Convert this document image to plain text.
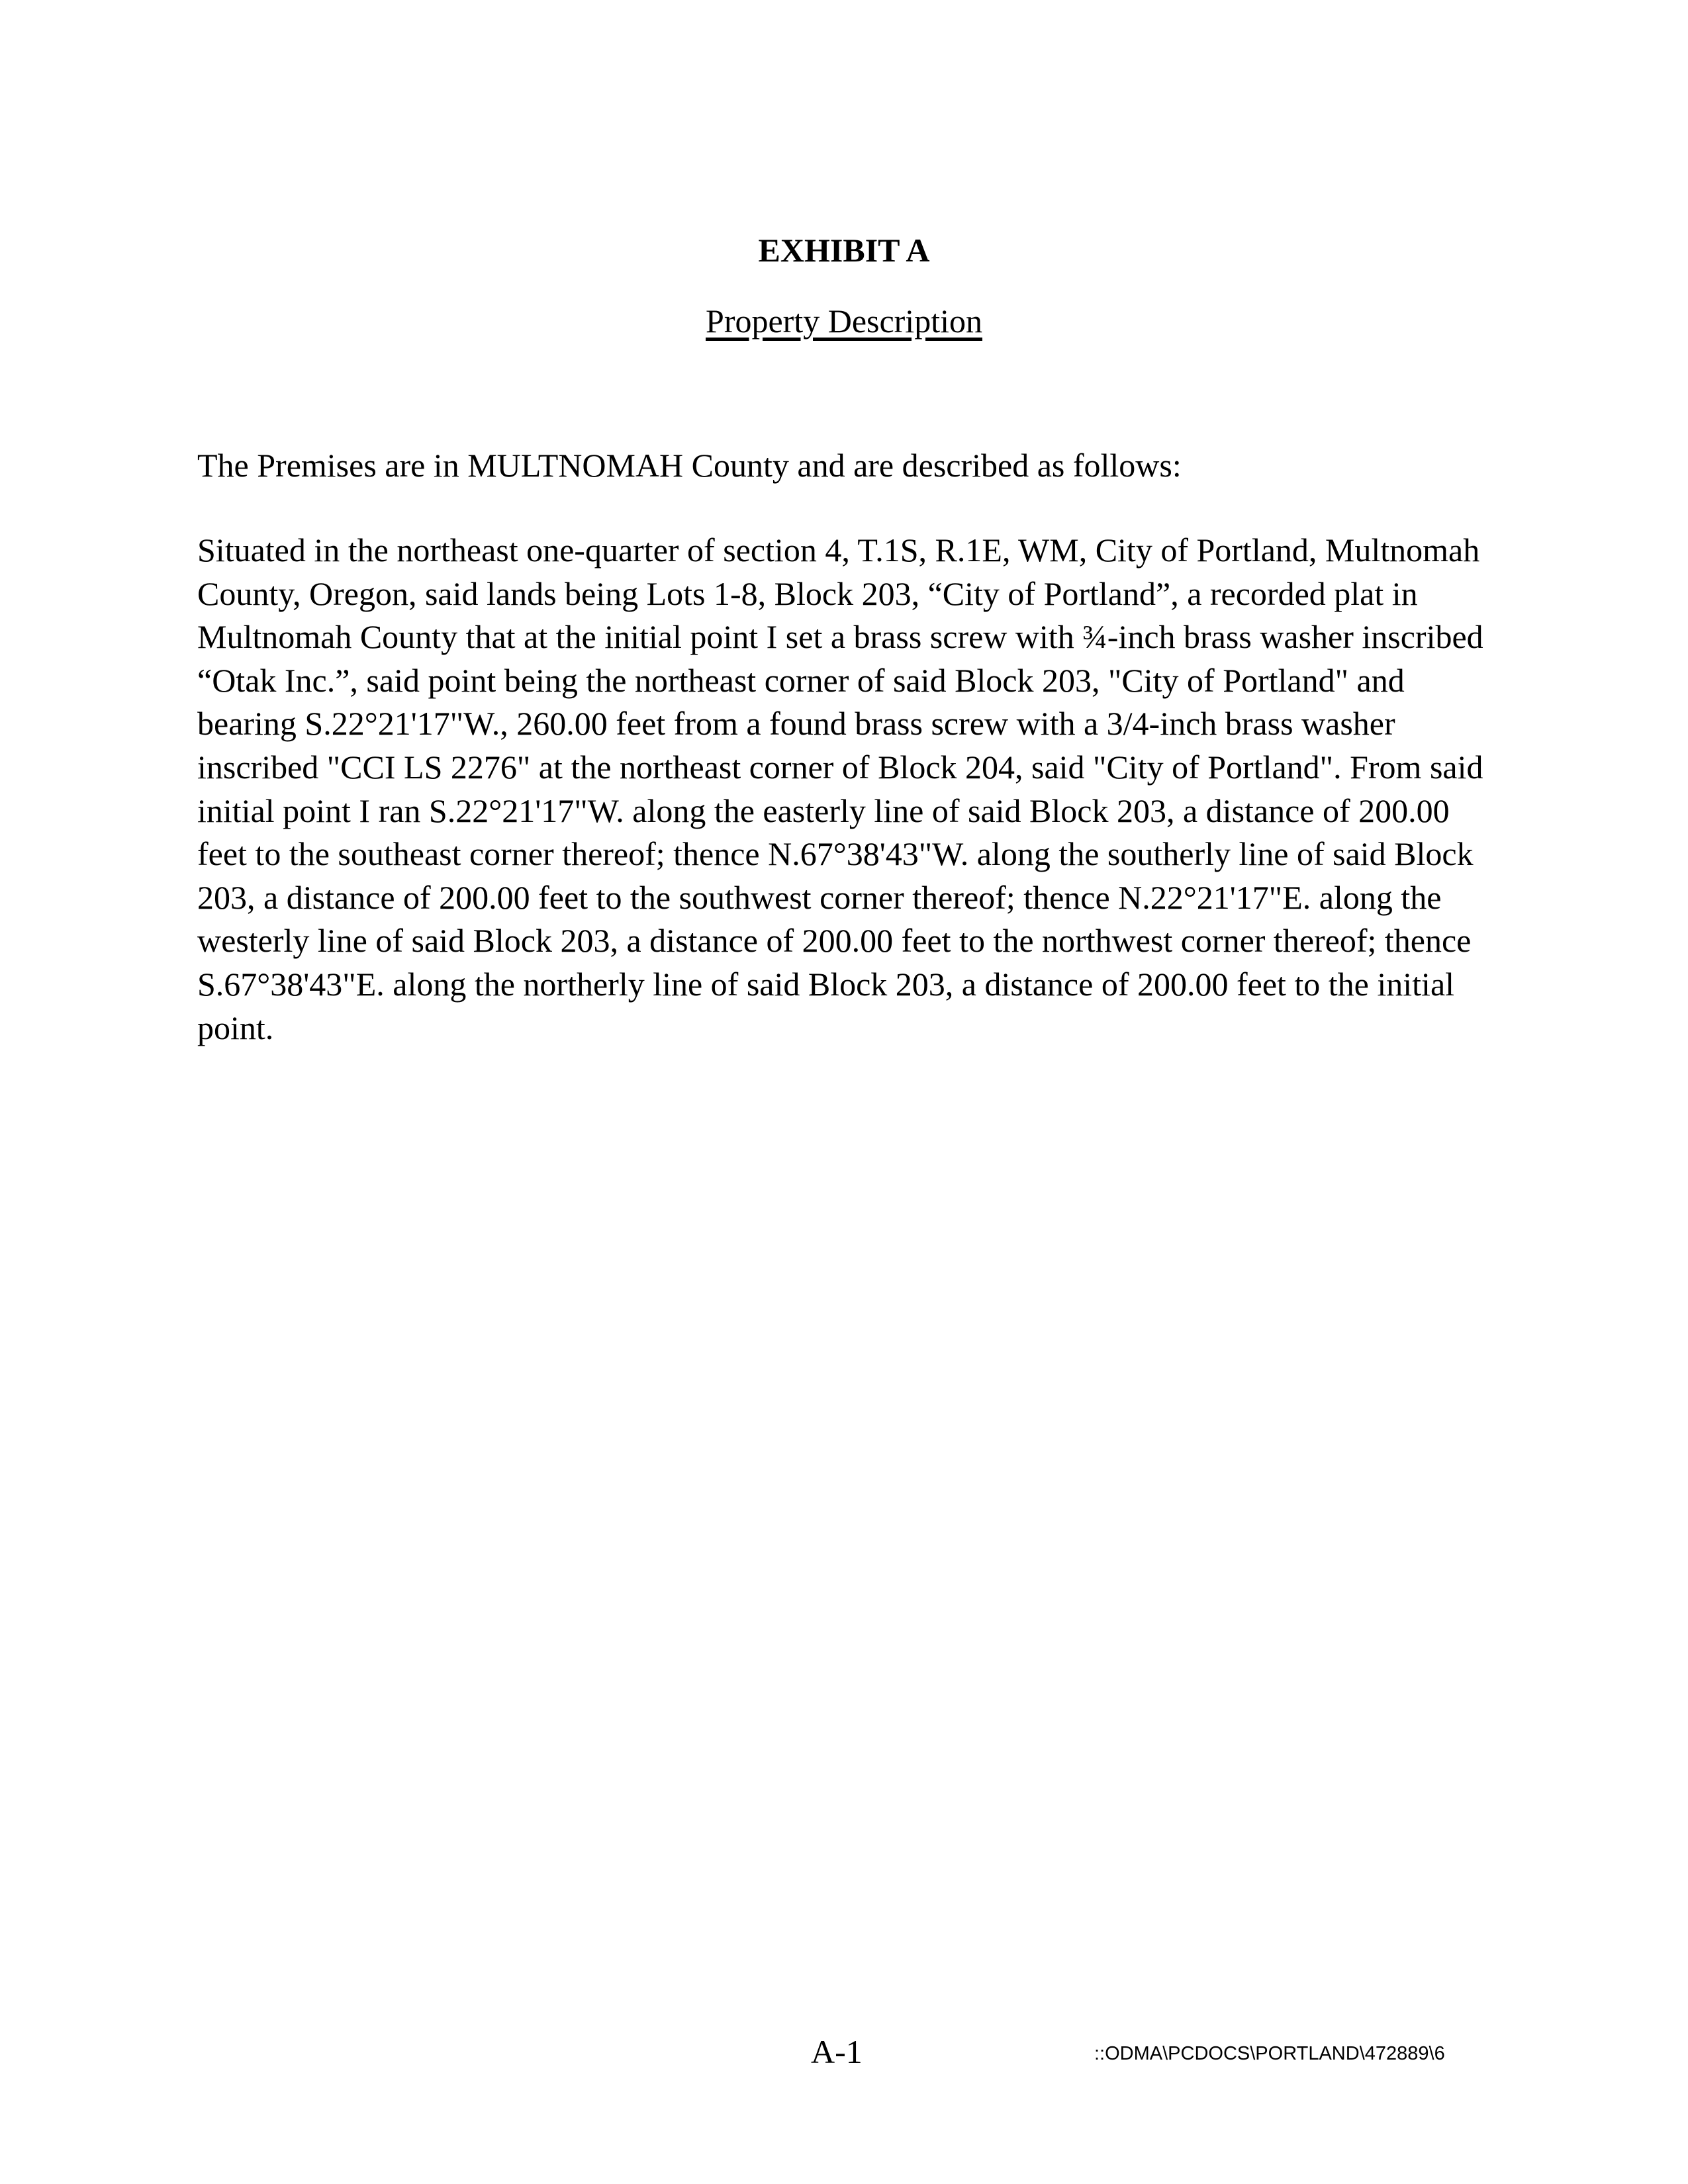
EXHIBIT A

Property Description

The Premises are in MULTNOMAH County and are described as follows:

Situated in the northeast one-quarter of section 4, T.1S, R.1E, WM, City of Portland, Multnomah
County, Oregon, said lands being Lots 1-8, Block 203, “City of Portland”, a recorded plat in
Multnomah County that at the initial point I set a brass screw with ¾-inch brass washer inscribed
“Otak Inc.”, said point being the northeast corner of said Block 203, "City of Portland" and
bearing S.22°21'17"W., 260.00 feet from a found brass screw with a 3/4-inch brass washer
inscribed "CCI LS 2276" at the northeast corner of Block 204, said "City of Portland". From said
initial point I ran S.22°21'17"W. along the easterly line of said Block 203, a distance of 200.00
feet to the southeast corner thereof; thence N.67°38'43"W. along the southerly line of said Block
203, a distance of 200.00 feet to the southwest corner thereof; thence N.22°21'17"E. along the
westerly line of said Block 203, a distance of 200.00 feet to the northwest corner thereof; thence
S.67°38'43"E. along the northerly line of said Block 203, a distance of 200.00 feet to the initial
point.

A-1	::ODMA\PCDOCS\PORTLAND\472889\6
